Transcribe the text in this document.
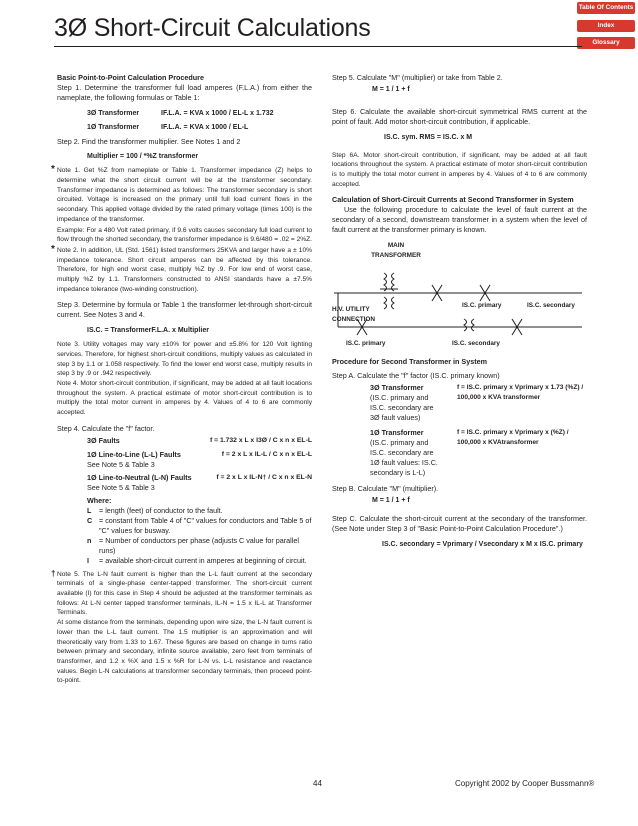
Table Of Contents
Index
Glossary
3Ø Short-Circuit Calculations
Basic Point-to-Point Calculation Procedure
Step 1. Determine the transformer full load amperes (F.L.A.) from either the nameplate, the following formulas or Table 1:
3Ø Transformer	IF.L.A. = KVA x 1000 / EL-L x 1.732
1Ø Transformer	IF.L.A. = KVA x 1000 / EL-L
Step 2. Find the transformer multiplier. See Notes 1 and 2
Multiplier = 100 / *%Z transformer
* Note 1. Get %Z from nameplate or Table 1. Transformer impedance (Z) helps to determine what the short circuit current will be at the transformer secondary. Transformer impedance is determined as follows: The transformer secondary is short circuited. Voltage is increased on the primary until full load current flows in the secondary. This applied voltage divided by the rated primary voltage (times 100) is the impedance of the transformer.
Example: For a 480 Volt rated primary, if 9.6 volts causes secondary full load current to flow through the shorted secondary, the transformer impedance is 9.6/480 = .02 = 2%Z.
* Note 2. In addition, UL (Std. 1561) listed transformers 25KVA and larger have a ± 10% impedance tolerance. Short circuit amperes can be affected by this tolerance. Therefore, for high end worst case, multiply %Z by .9. For low end of worst case, multiply %Z by 1.1. Transformers constructed to ANSI standards have a ±7.5% impedance tolerance (two-winding construction).
Step 3. Determine by formula or Table 1 the transformer let-through short-circuit current. See Notes 3 and 4.
IS.C. = TransformerF.L.A. x Multiplier
Note 3. Utility voltages may vary ±10% for power and ±5.8% for 120 Volt lighting services. Therefore, for highest short-circuit conditions, multiply values as calculated in step 3 by 1.1 or 1.058 respectively. To find the lower end worst case, multiply results in step 3 by .9 or .942 respectively.
Note 4. Motor short-circuit contribution, if significant, may be added at all fault locations throughout the system. A practical estimate of motor short-circuit contribution is to multiply the total motor current in amperes by 4. Values of 4 to 6 are commonly accepted.
Step 4. Calculate the "f" factor.
3Ø Faults	f = 1.732 x L x I3Ø / C x n x EL-L
1Ø Line-to-Line (L-L) Faults
See Note 5 & Table 3
f = 2 x L x IL-L / C x n x EL-L
1Ø Line-to-Neutral (L-N) Faults
See Note 5 & Table 3
f = 2 x L x IL-N† / C x n x EL-N
Where:
L	= length (feet) of conductor to the fault.
C = constant from Table 4 of "C" values for conductors and Table 5 of "C" values for busway.
n	= Number of conductors per phase (adjusts C value for parallel runs)
I	= available short-circuit current in amperes at beginning of circuit.
† Note 5. The L-N fault current is higher than the L-L fault current at the secondary terminals of a single-phase center-tapped transformer. The short-circuit current available (I) for this case in Step 4 should be adjusted at the transformer terminals as follows: At L-N center tapped transformer terminals, IL-N = 1.5 x IL-L at Transformer Terminals.
At some distance from the terminals, depending upon wire size, the L-N fault current is lower than the L-L fault current. The 1.5 multiplier is an approximation and will theoretically vary from 1.33 to 1.67. These figures are based on change in turns ratio between primary and secondary, infinite source available, zero feet from terminals of transformer, and 1.2 x %X and 1.5 x %R for L-N vs. L-L resistance and reactance values. Begin L-N calculations at transformer secondary terminals, then proceed point-to-point.
Step 5. Calculate "M" (multiplier) or take from Table 2.
M = 1 / 1 + f
Step 6. Calculate the available short-circuit symmetrical RMS current at the point of fault. Add motor short-circuit contribution, if applicable.
IS.C. sym. RMS = IS.C. x M
Step 6A. Motor short-circuit contribution, if significant, may be added at all fault locations throughout the system. A practical estimate of motor short-circuit contribution is to multiply the total motor current in amperes by 4. Values of 4 to 6 are commonly accepted.
Calculation of Short-Circuit Currents at Second Transformer in System
Use the following procedure to calculate the level of fault current at the secondary of a second, downstream transformer in a system when the level of fault current at the transformer primary is known.
MAIN TRANSFORMER
H.V. UTILITY CONNECTION
IS.C. primary	IS.C. secondary
IS.C. primary	IS.C. secondary
Procedure for Second Transformer in System
Step A. Calculate the "f" factor (IS.C. primary known)
3Ø Transformer
(IS.C. primary and IS.C. secondary are 3Ø fault values)
f = IS.C. primary x Vprimary x 1.73 (%Z) / 100,000 x KVA transformer
1Ø Transformer
(IS.C. primary and IS.C. secondary are 1Ø fault values: IS.C. secondary is L-L)
f = IS.C. primary x Vprimary x (%Z) / 100,000 x KVAtransformer
Step B. Calculate "M" (multiplier).
M = 1 / 1 + f
Step C. Calculate the short-circuit current at the secondary of the transformer. (See Note under Step 3 of "Basic Point-to-Point Calculation Procedure".)
IS.C. secondary = Vprimary / Vsecondary x M x IS.C. primary
44	Copyright 2002 by Cooper Bussmann®
